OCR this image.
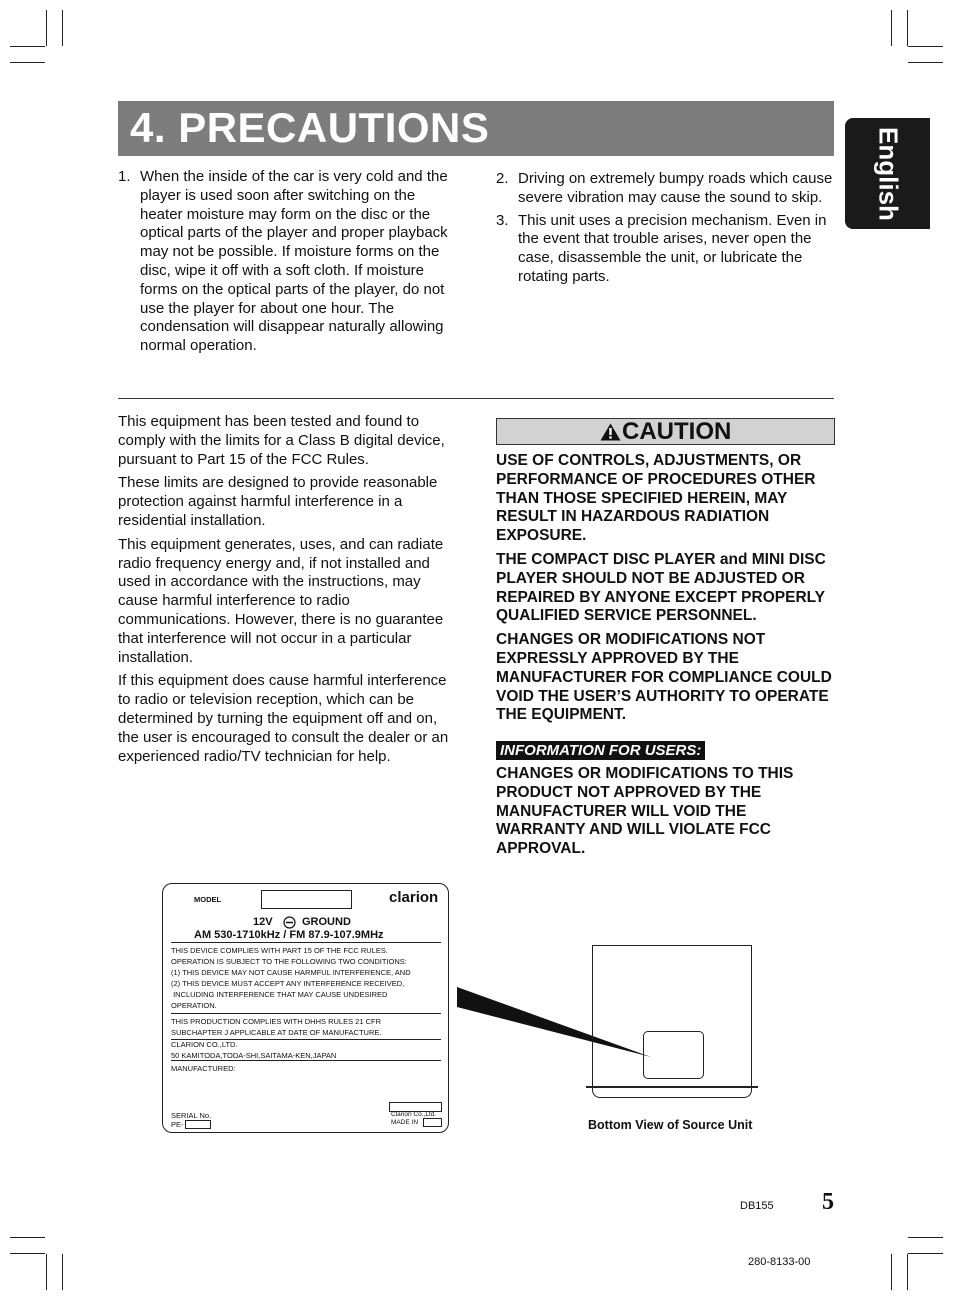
4. PRECAUTIONS	English
1. When the inside of the car is very cold and the player is used soon after switching on the heater moisture may form on the disc or the optical parts of the player and proper playback may not be possible. If moisture forms on the disc, wipe it off with a soft cloth. If moisture forms on the optical parts of the player, do not use the player for about one hour. The condensation will disappear naturally allowing normal operation.
2. Driving on extremely bumpy roads which cause severe vibration may cause the sound to skip.
3. This unit uses a precision mechanism. Even in the event that trouble arises, never open the case, disassemble the unit, or lubricate the rotating parts.

This equipment has been tested and found to comply with the limits for a Class B digital device, pursuant to Part 15 of the FCC Rules.

These limits are designed to provide reasonable protection against harmful interference in a residential installation.

This equipment generates, uses, and can radiate radio frequency energy and, if not installed and used in accordance with the instructions, may cause harmful interference to radio communications. However, there is no guarantee that interference will not occur in a particular installation.

If this equipment does cause harmful interference to radio or television reception, which can be determined by turning the equipment off and on, the user is encouraged to consult the dealer or an experienced radio/TV technician for help.

CAUTION

USE OF CONTROLS, ADJUSTMENTS, OR PERFORMANCE OF PROCEDURES OTHER THAN THOSE SPECIFIED HEREIN, MAY RESULT IN HAZARDOUS RADIATION EXPOSURE.

THE COMPACT DISC PLAYER and MINI DISC PLAYER SHOULD NOT BE ADJUSTED OR REPAIRED BY ANYONE EXCEPT PROPERLY QUALIFIED SERVICE PERSONNEL.

CHANGES OR MODIFICATIONS NOT EXPRESSLY APPROVED BY THE MANUFACTURER FOR COMPLIANCE COULD VOID THE USER’S AUTHORITY TO OPERATE THE EQUIPMENT.

INFORMATION FOR USERS:

CHANGES OR MODIFICATIONS TO THIS PRODUCT NOT APPROVED BY THE MANUFACTURER WILL VOID THE WARRANTY AND WILL VIOLATE FCC APPROVAL.

MODEL	clarion
12V	GROUND
AM 530-1710kHz / FM 87.9-107.9MHz
THIS DEVICE COMPLIES WITH PART 15 OF THE FCC RULES.
OPERATION IS SUBJECT TO THE FOLLOWING TWO CONDITIONS:
(1) THIS DEVICE MAY NOT CAUSE HARMFUL INTERFERENCE, AND
(2) THIS DEVICE MUST ACCEPT ANY INTERFERENCE RECEIVED,
INCLUDING INTERFERENCE THAT MAY CAUSE UNDESIRED
OPERATION.
THIS PRODUCTION COMPLIES WITH DHHS RULES 21 CFR
SUBCHAPTER J APPLICABLE AT DATE OF MANUFACTURE.
CLARION CO.,LTD.
50 KAMITODA,TODA-SHI,SAITAMA-KEN,JAPAN
MANUFACTURED:
SERIAL No.
PE-
Clarion Co.,Ltd.
MADE IN	Bottom View of Source Unit
DB155 5
280-8133-00
